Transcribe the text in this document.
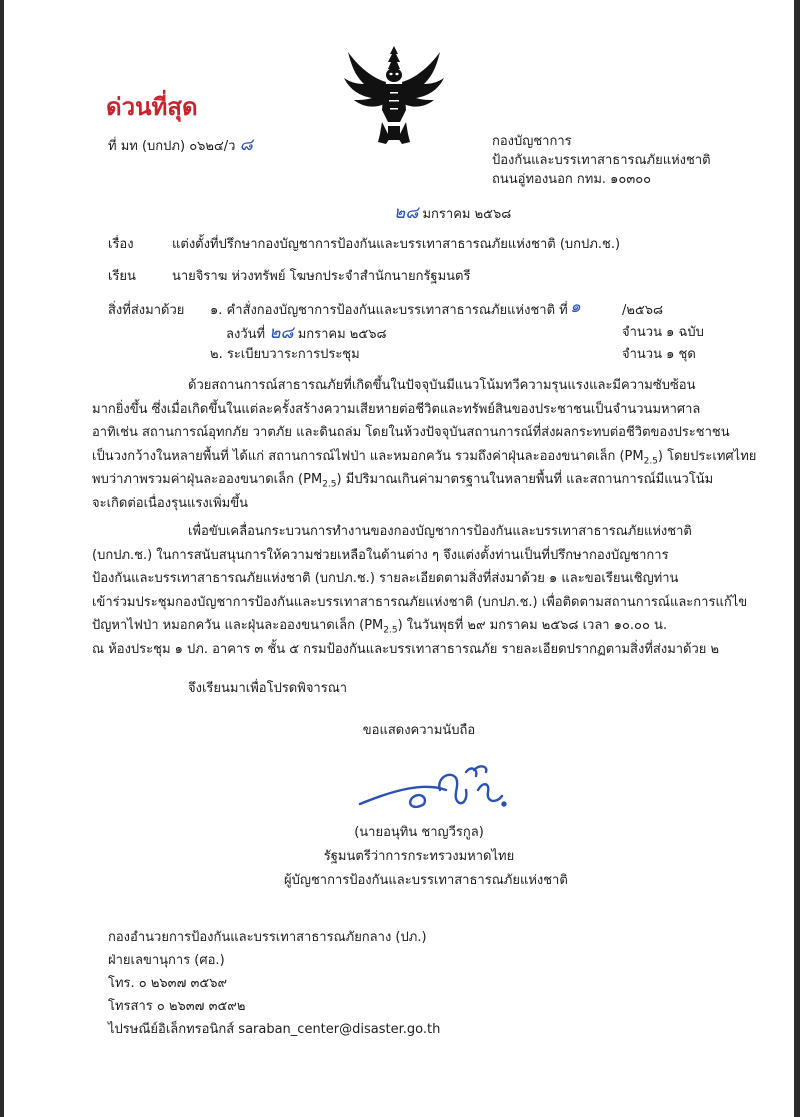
ด่วนที่สุด
ที่ มท (บกปภ) ๐๖๒๔/ว ๘	กองบัญชาการ
ป้องกันและบรรเทาสาธารณภัยแห่งชาติ
ถนนอู่ทองนอก กทม. ๑๐๓๐๐
๒๘ มกราคม ๒๕๖๘
เรื่อง	แต่งตั้งที่ปรึกษากองบัญชาการป้องกันและบรรเทาสาธารณภัยแห่งชาติ (บกปภ.ช.)
เรียน	นายจิราฆ ห่วงทรัพย์ โฆษกประจำสำนักนายกรัฐมนตรี
สิ่งที่ส่งมาด้วย ๑. คำสั่งกองบัญชาการป้องกันและบรรเทาสาธารณภัยแห่งชาติ ที่ ๑	/๒๕๖๘
ลงวันที่ ๒๘ มกราคม ๒๕๖๘	จำนวน ๑ ฉบับ
๒. ระเบียบวาระการประชุม	จำนวน ๑ ชุด
ด้วยสถานการณ์สาธารณภัยที่เกิดขึ้นในปัจจุบันมีแนวโน้มทวีความรุนแรงและมีความซับซ้อน
มากยิ่งขึ้น ซึ่งเมื่อเกิดขึ้นในแต่ละครั้งสร้างความเสียหายต่อชีวิตและทรัพย์สินของประชาชนเป็นจำนวนมหาศาล
อาทิเช่น สถานการณ์อุทกภัย วาตภัย และดินถล่ม โดยในห้วงปัจจุบันสถานการณ์ที่ส่งผลกระทบต่อชีวิตของประชาชน
เป็นวงกว้างในหลายพื้นที่ ได้แก่ สถานการณ์ไฟป่า และหมอกควัน รวมถึงค่าฝุ่นละอองขนาดเล็ก $(PM_{2.5})$ โดยประเทศไทย
พบว่าภาพรวมค่าฝุ่นละอองขนาดเล็ก $(PM_{2.5})$ มีปริมาณเกินค่ามาตรฐานในหลายพื้นที่ และสถานการณ์มีแนวโน้ม
จะเกิดต่อเนื่องรุนแรงเพิ่มขึ้น
เพื่อขับเคลื่อนกระบวนการทำงานของกองบัญชาการป้องกันและบรรเทาสาธารณภัยแห่งชาติ
(บกปภ.ช.) ในการสนับสนุนการให้ความช่วยเหลือในด้านต่าง ๆ จึงแต่งตั้งท่านเป็นที่ปรึกษากองบัญชาการ
ป้องกันและบรรเทาสาธารณภัยแห่งชาติ (บกปภ.ช.) รายละเอียดตามสิ่งที่ส่งมาด้วย ๑ และขอเรียนเชิญท่าน
เข้าร่วมประชุมกองบัญชาการป้องกันและบรรเทาสาธารณภัยแห่งชาติ (บกปภ.ช.) เพื่อติดตามสถานการณ์และการแก้ไข
ปัญหาไฟป่า หมอกควัน และฝุ่นละอองขนาดเล็ก $(PM_{2.5})$ ในวันพุธที่ ๒๙ มกราคม ๒๕๖๘ เวลา ๑๐.๐๐ น.
ณ ห้องประชุม ๑ ปภ. อาคาร ๓ ชั้น ๕ กรมป้องกันและบรรเทาสาธารณภัย รายละเอียดปรากฏตามสิ่งที่ส่งมาด้วย ๒
จึงเรียนมาเพื่อโปรดพิจารณา
ขอแสดงความนับถือ
(นายอนุทิน ชาญวีรกูล)
รัฐมนตรีว่าการกระทรวงมหาดไทย
ผู้บัญชาการป้องกันและบรรเทาสาธารณภัยแห่งชาติ
กองอำนวยการป้องกันและบรรเทาสาธารณภัยกลาง (ปภ.)
ฝ่ายเลขานุการ (ศอ.)
โทร. ๐ ๒๖๓๗ ๓๕๖๙
โทรสาร ๐ ๒๖๓๗ ๓๕๙๒
ไปรษณีย์อิเล็กทรอนิกส์ saraban_center@disaster.go.th
